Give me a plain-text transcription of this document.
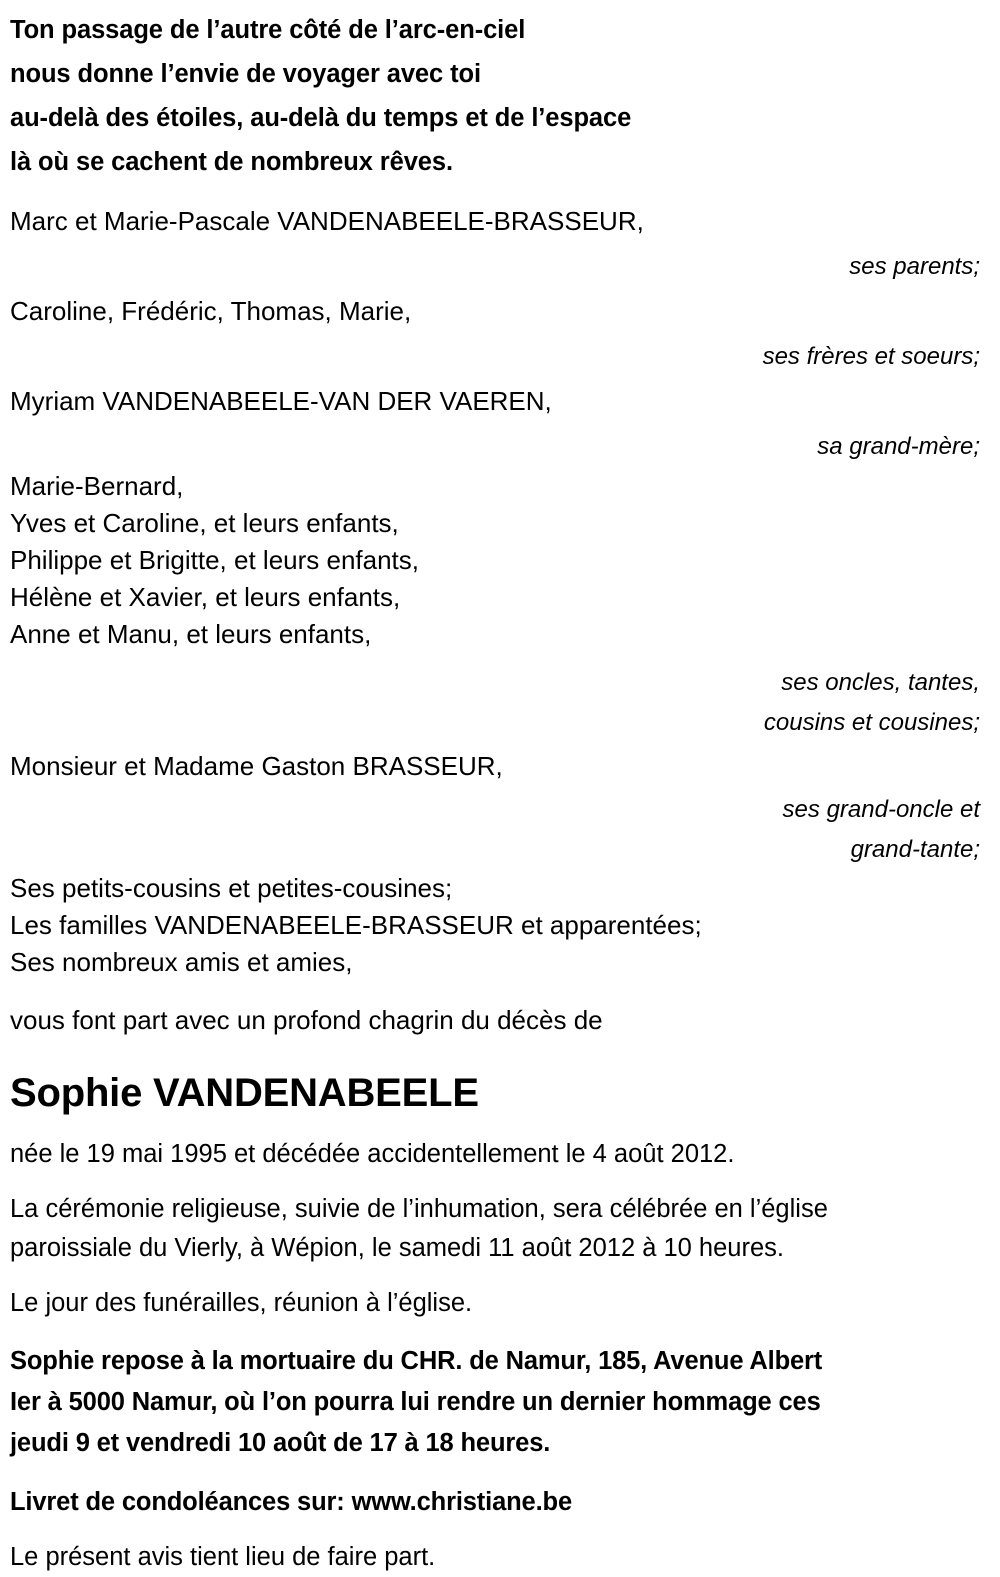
Ton passage de l’autre côté de l’arc-en-ciel
nous donne l’envie de voyager avec toi
au-delà des étoiles, au-delà du temps et de l’espace
là où se cachent de nombreux rêves.
Marc et Marie-Pascale VANDENABEELE-BRASSEUR,
ses parents;
Caroline, Frédéric, Thomas, Marie,
ses frères et soeurs;
Myriam VANDENABEELE-VAN DER VAEREN,
sa grand-mère;
Marie-Bernard,
Yves et Caroline, et leurs enfants,
Philippe et Brigitte, et leurs enfants,
Hélène et Xavier, et leurs enfants,
Anne et Manu, et leurs enfants,
ses oncles, tantes,
cousins et cousines;
Monsieur et Madame Gaston BRASSEUR,
ses grand-oncle et
grand-tante;
Ses petits-cousins et petites-cousines;
Les familles VANDENABEELE-BRASSEUR et apparentées;
Ses nombreux amis et amies,
vous font part avec un profond chagrin du décès de
Sophie VANDENABEELE
née le 19 mai 1995 et décédée accidentellement le 4 août 2012.
La cérémonie religieuse, suivie de l’inhumation, sera célébrée en l’église
paroissiale du Vierly, à Wépion, le samedi 11 août 2012 à 10 heures.
Le jour des funérailles, réunion à l’église.
Sophie repose à la mortuaire du CHR. de Namur, 185, Avenue Albert
Ier à 5000 Namur, où l’on pourra lui rendre un dernier hommage ces
jeudi 9 et vendredi 10 août de 17 à 18 heures.
Livret de condoléances sur: www.christiane.be
Le présent avis tient lieu de faire part.
